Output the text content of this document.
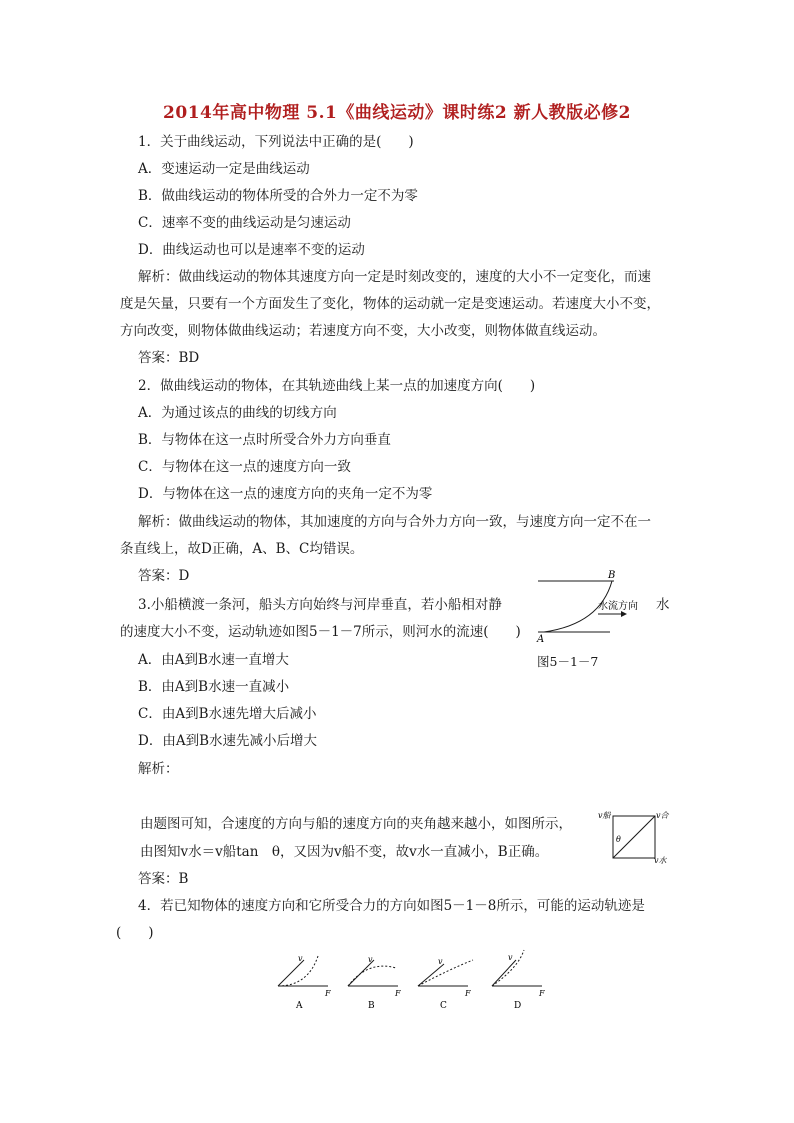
2014年高中物理 5.1《曲线运动》课时练2 新人教版必修2
1．关于曲线运动，下列说法中正确的是(　　)
A．变速运动一定是曲线运动
B．做曲线运动的物体所受的合外力一定不为零
C．速率不变的曲线运动是匀速运动
D．曲线运动也可以是速率不变的运动
解析：做曲线运动的物体其速度方向一定是时刻改变的，速度的大小不一定变化，而速
度是矢量，只要有一个方面发生了变化，物体的运动就一定是变速运动。若速度大小不变，
方向改变，则物体做曲线运动；若速度方向不变，大小改变，则物体做直线运动。
答案：BD
2．做曲线运动的物体，在其轨迹曲线上某一点的加速度方向(　　)
A．为通过该点的曲线的切线方向
B．与物体在这一点时所受合外力方向垂直
C．与物体在这一点的速度方向一致
D．与物体在这一点的速度方向的夹角一定不为零
解析：做曲线运动的物体，其加速度的方向与合外力方向一致，与速度方向一定不在一
条直线上，故D正确，A、B、C均错误。
答案：D
3.小船横渡一条河，船头方向始终与河岸垂直，若小船相对静	水
的速度大小不变，运动轨迹如图5－1－7所示，则河水的流速(　　) A
B
水流方向
图5－1－7
A．由A到B水速一直增大
B．由A到B水速一直减小
C．由A到B水速先增大后减小
D．由A到B水速先减小后增大
解析：
由题图可知，合速度的方向与船的速度方向的夹角越来越小，如图所示，
由图知v水＝v船tan　θ，又因为v船不变，故v水一直减小，B正确。
v船	v合
v水
θ
答案：B
4．若已知物体的速度方向和它所受合力的方向如图5－1－8所示，可能的运动轨迹是
(　　)
v
F
A
v
F
B
v
F
C
v
F
D
